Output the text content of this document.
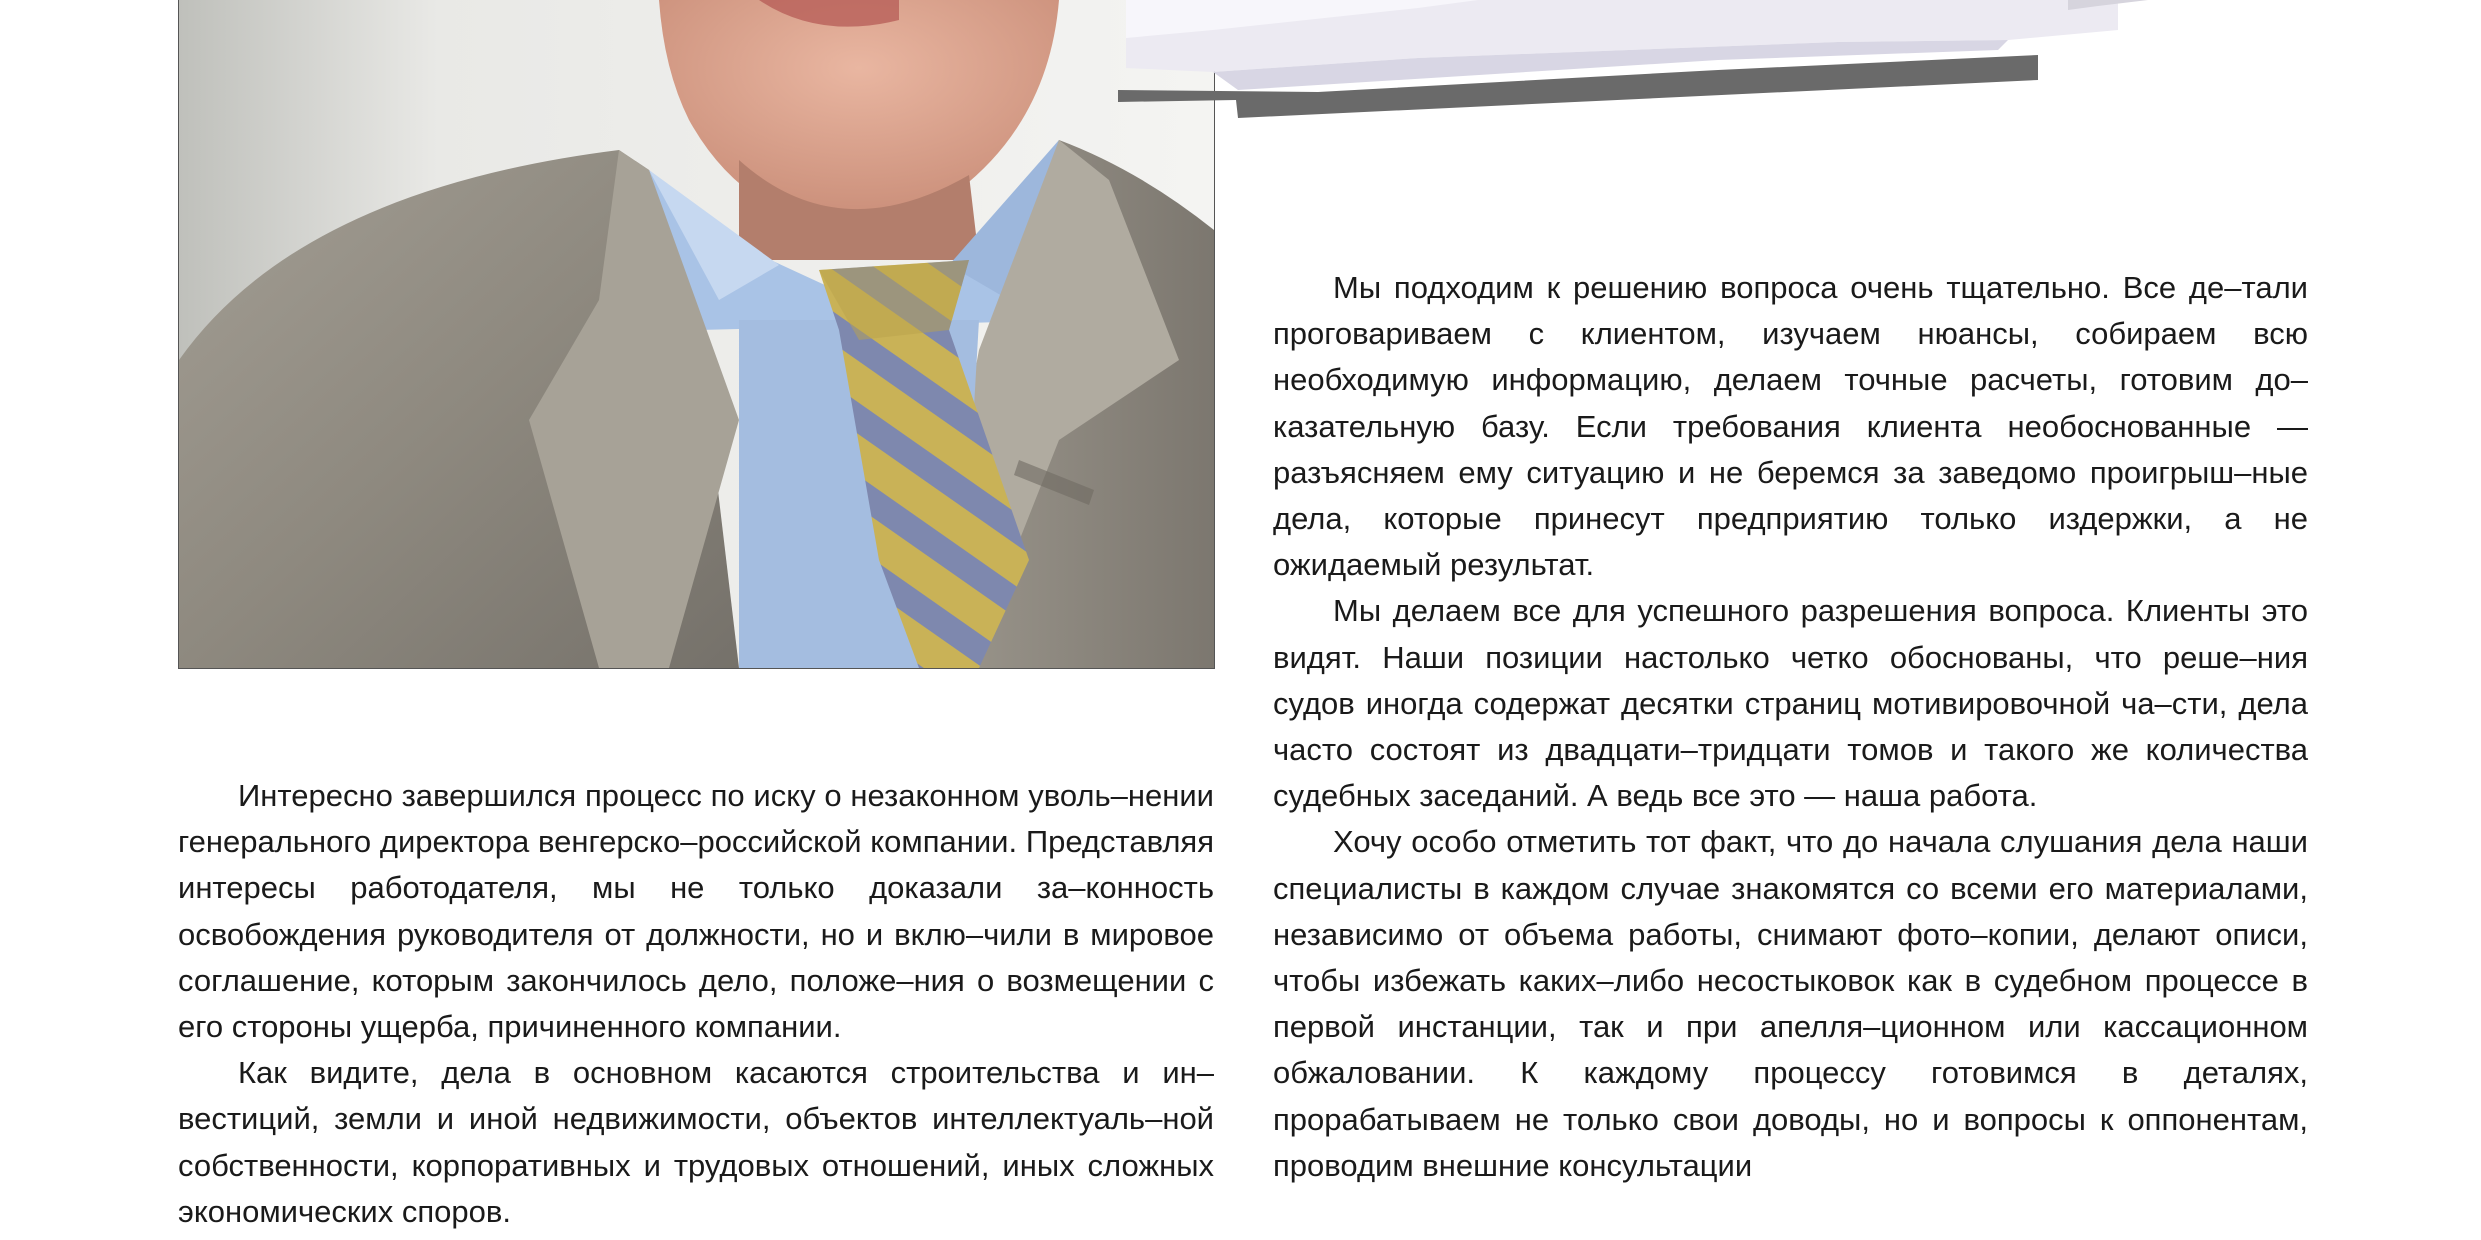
Интересно завершился процесс по иску о незаконном уволь–нении генерального директора венгерско–российской компании. Представляя интересы работодателя, мы не только доказали за–конность освобождения руководителя от должности, но и вклю–чили в мировое соглашение, которым закончилось дело, положе–ния о возмещении с его стороны ущерба, причиненного компании.

Как видите, дела в основном касаются строительства и ин–вестиций, земли и иной недвижимости, объектов интеллектуаль–ной собственности, корпоративных и трудовых отношений, иных сложных экономических споров.

Мы подходим к решению вопроса очень тщательно. Все де–тали проговариваем с клиентом, изучаем нюансы, собираем всю необходимую информацию, делаем точные расчеты, готовим до–казательную базу. Если требования клиента необоснованные — разъясняем ему ситуацию и не беремся за заведомо проигрыш–ные дела, которые принесут предприятию только издержки, а не ожидаемый результат.

Мы делаем все для успешного разрешения вопроса. Клиенты это видят. Наши позиции настолько четко обоснованы, что реше–ния судов иногда содержат десятки страниц мотивировочной ча–сти, дела часто состоят из двадцати–тридцати томов и такого же количества судебных заседаний. А ведь все это — наша работа.

Хочу особо отметить тот факт, что до начала слушания дела наши специалисты в каждом случае знакомятся со всеми его материалами, независимо от объема работы, снимают фото–копии, делают описи, чтобы избежать каких–либо несостыковок как в судебном процессе в первой инстанции, так и при апелля–ционном или кассационном обжаловании. К каждому процессу готовимся в деталях, прорабатываем не только свои доводы, но и вопросы к оппонентам, проводим внешние консультации
